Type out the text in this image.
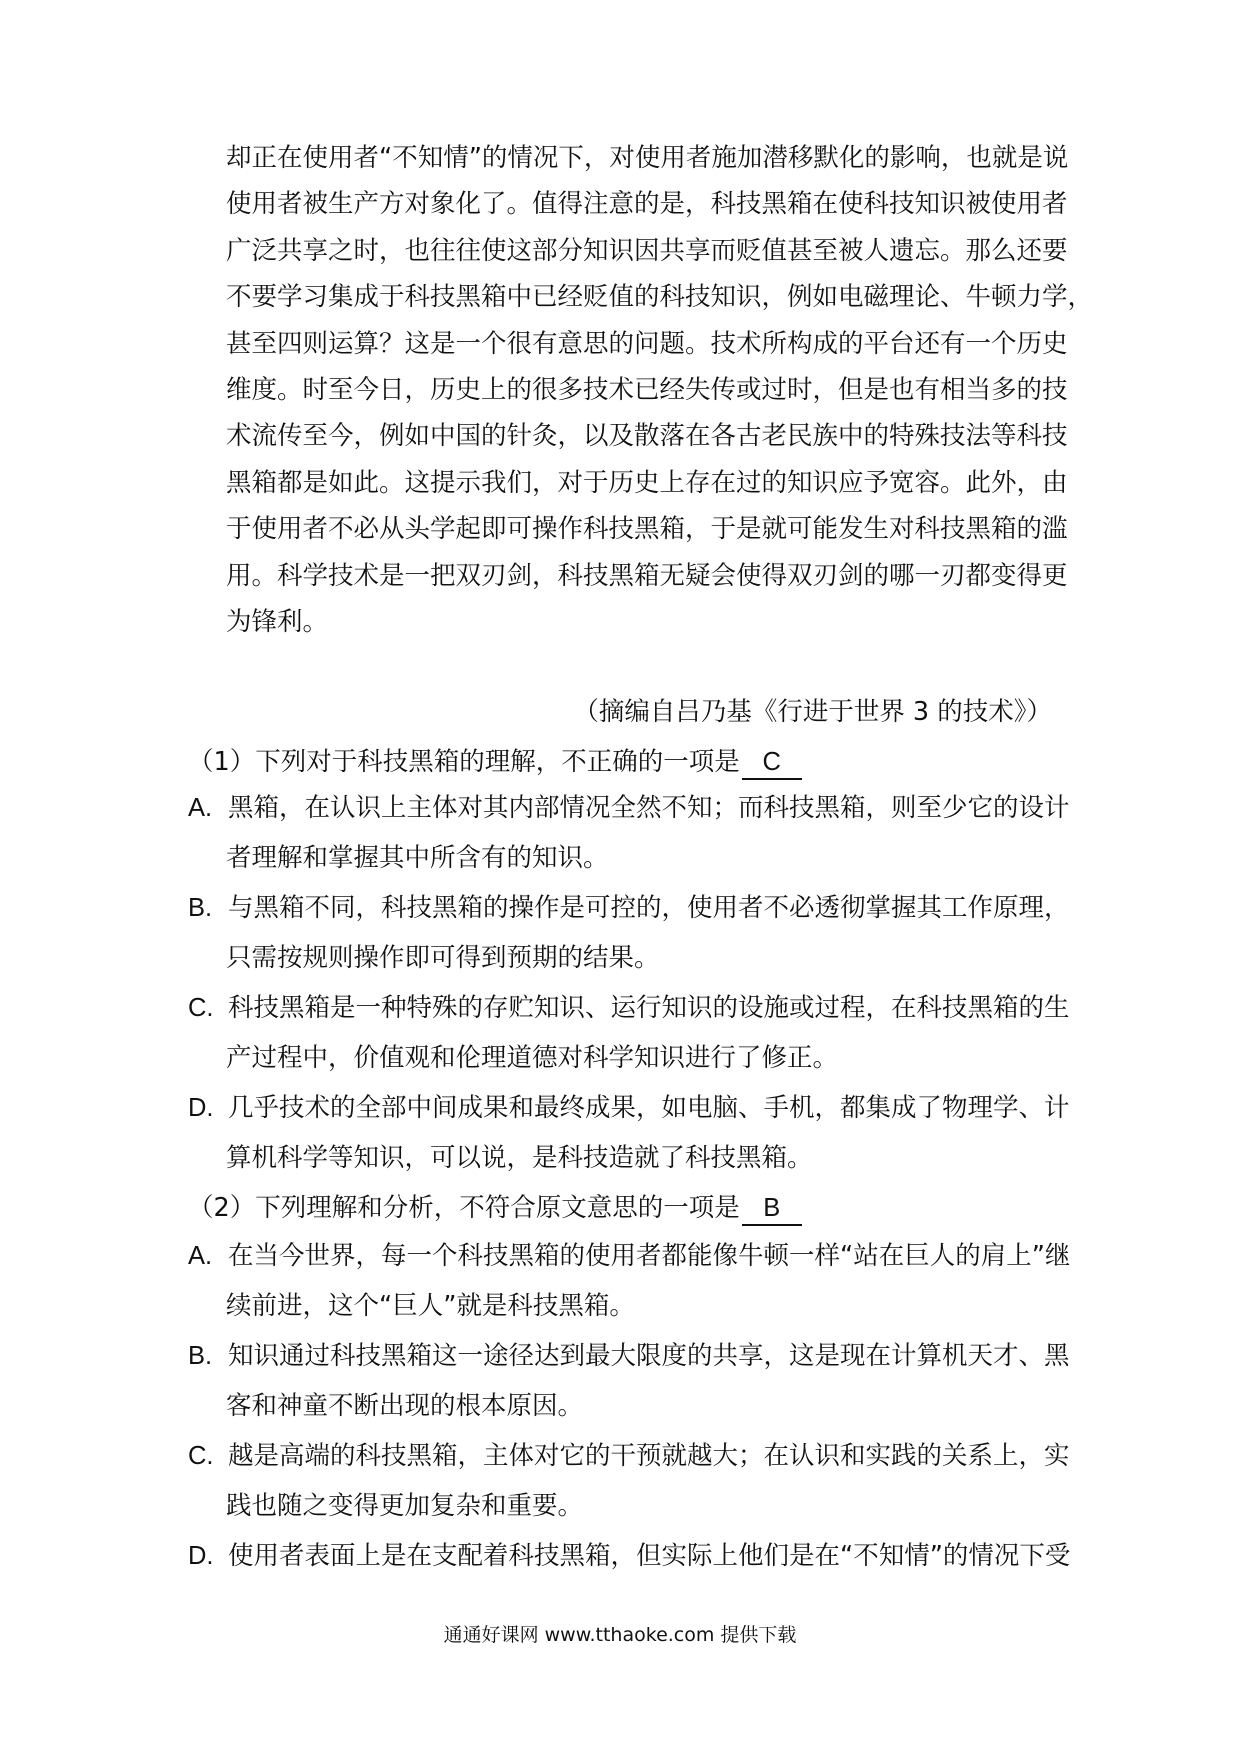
却正在使用者“不知情”的情况下，对使用者施加潜移默化的影响，也就是说
使用者被生产方对象化了。值得注意的是，科技黑箱在使科技知识被使用者
广泛共享之时，也往往使这部分知识因共享而贬值甚至被人遗忘。那么还要
不要学习集成于科技黑箱中已经贬值的科技知识，例如电磁理论、牛顿力学，
甚至四则运算？这是一个很有意思的问题。技术所构成的平台还有一个历史
维度。时至今日，历史上的很多技术已经失传或过时，但是也有相当多的技
术流传至今，例如中国的针灸，以及散落在各古老民族中的特殊技法等科技
黑箱都是如此。这提示我们，对于历史上存在过的知识应予宽容。此外，由
于使用者不必从头学起即可操作科技黑箱，于是就可能发生对科技黑箱的滥
用。科学技术是一把双刃剑，科技黑箱无疑会使得双刃剑的哪一刃都变得更
为锋利。
（摘编自吕乃基《行进于世界 3 的技术》）
（1）下列对于科技黑箱的理解，不正确的一项是 C
A. 黑箱，在认识上主体对其内部情况全然不知；而科技黑箱，则至少它的设计
者理解和掌握其中所含有的知识。
B. 与黑箱不同，科技黑箱的操作是可控的，使用者不必透彻掌握其工作原理，
只需按规则操作即可得到预期的结果。
C. 科技黑箱是一种特殊的存贮知识、运行知识的设施或过程，在科技黑箱的生
产过程中，价值观和伦理道德对科学知识进行了修正。
D. 几乎技术的全部中间成果和最终成果，如电脑、手机，都集成了物理学、计
算机科学等知识，可以说，是科技造就了科技黑箱。
（2）下列理解和分析，不符合原文意思的一项是 B
A. 在当今世界，每一个科技黑箱的使用者都能像牛顿一样“站在巨人的肩上”继
续前进，这个“巨人”就是科技黑箱。
B. 知识通过科技黑箱这一途径达到最大限度的共享，这是现在计算机天才、黑
客和神童不断出现的根本原因。
C. 越是高端的科技黑箱，主体对它的干预就越大；在认识和实践的关系上，实
践也随之变得更加复杂和重要。
D. 使用者表面上是在支配着科技黑箱，但实际上他们是在“不知情”的情况下受
通通好课网 www.tthaoke.com 提供下载
